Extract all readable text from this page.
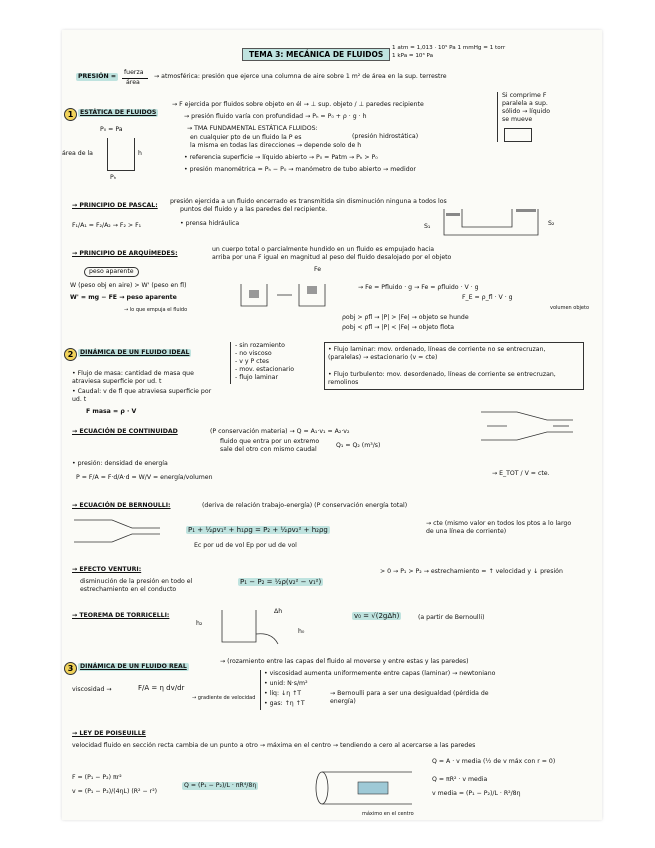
TEMA 3: MECÁNICA DE FLUIDOS
1 atm = 1,013 · 10⁵ Pa 1 mmHg = 1 torr
1 kPa = 10³ Pa
PRESIÓN =
fuerza
área
→ atmosférica: presión que ejerce una columna de aire sobre 1 m² de área en la sup. terrestre
1	ESTÁTICA DE FLUIDOS
→ F ejercida por fluidos sobre objeto en él → ⊥ sup. objeto / ⊥ paredes recipiente
→ presión fluido varía con profundidad → Pₕ = P₀ + ρ · g · h
→ TMA FUNDAMENTAL ESTÁTICA FLUIDOS:
en cualquier pto de un fluido la P es
la misma en todas las direcciones → depende solo de h
• referencia superficie → líquido abierto → P₀ = Patm → Pₕ > P₀
• presión manométrica = Pₕ − P₀ → manómetro de tubo abierto → medidor
(presión hidrostática)
Si comprime F
paralela a sup.
sólido → líquido
se mueve
P₀ = Pa
área de la	h
Pₕ
→ PRINCIPIO DE PASCAL:
presión ejercida a un fluido encerrado es transmitida sin disminución ninguna a todos los
puntos del fluido y a las paredes del recipiente.
F₁/A₁ = F₂/A₂ → F₂ > F₁	• prensa hidráulica	S₁	S₂
→ PRINCIPIO DE ARQUÍMEDES:
un cuerpo total o parcialmente hundido en un fluido es empujado hacia
arriba por una F igual en magnitud al peso del fluido desalojado por el objeto
peso aparente
W (peso obj en aire) > W' (peso en fl)
W' = mg − FE → peso aparente
→ lo que empuja el fluido
Fe
→ Fe = Pfluido · g → Fe = ρfluido · V · g
F_E = ρ_fl · V · g
volumen objeto
ρobj > ρfl → |P| > |Fe| → objeto se hunde
ρobj < ρfl → |P| < |Fe| → objeto flota
2	DINÁMICA DE UN FLUIDO IDEAL
- sin rozamiento
- no viscoso
- v y P ctes
- mov. estacionario
- flujo laminar
• Flujo laminar: mov. ordenado, líneas de corriente no se entrecruzan, (paralelas) → estacionario (v = cte)
• Flujo turbulento: mov. desordenado, líneas de corriente se entrecruzan, remolinos
• Flujo de masa: cantidad de masa que atraviesa superficie por ud. t
• Caudal: v de fl que atraviesa superficie por ud. t
F masa = ρ · V
→ ECUACIÓN DE CONTINUIDAD	(P conservación materia) → Q = A₁·v₁ = A₂·v₂
fluido que entra por un extremo sale del otro con mismo caudal
Q₁ = Q₂ (m³/s)
• presión: densidad de energía
P = F/A = F·d/A·d = W/V = energía/volumen
→ E_TOT / V = cte.
→ ECUACIÓN DE BERNOULLI:	(deriva de relación trabajo-energía) (P conservación energía total)
P₁ + ½ρv₁² + h₁ρg = P₂ + ½ρv₂² + h₂ρg
→ cte (mismo valor en todos los ptos a lo largo de una línea de corriente)
Ec por ud de vol Ep por ud de vol
→ EFECTO VENTURI:
disminución de la presión en todo el estrechamiento en el conducto
P₁ − P₂ = ½ρ(v₂² − v₁²)
> 0 → P₁ > P₂ → estrechamiento = ↑ velocidad y ↓ presión
→ TEOREMA DE TORRICELLI:
h₂
Δh
h₀
v₀ = √(2gΔh)	(a partir de Bernoulli)
3	DINÁMICA DE UN FLUIDO REAL
→ (rozamiento entre las capas del fluido al moverse y entre estas y las paredes)
viscosidad →	F/A = η dv/dr
→ gradiente de velocidad
• viscosidad aumenta uniformemente entre capas (laminar) → newtoniano
• unid: N·s/m²
• líq: ↓η ↑T
• gas: ↑η ↑T
→ Bernoulli para a ser una desigualdad (pérdida de energía)
→ LEY DE POISEUILLE
velocidad fluido en sección recta cambia de un punto a otro → máxima en el centro → tendiendo a cero al acercarse a las paredes
Q = A · v media (½ de v máx con r = 0)
Q = πR² · v media
v media = (P₁ − P₂)/L · R²/8η
F = (P₁ − P₂) πr²
v = (P₁ − P₂)/(4ηL) (R² − r²)
Q = (P₁ − P₂)/L · πR⁴/8η
máximo en el centro
